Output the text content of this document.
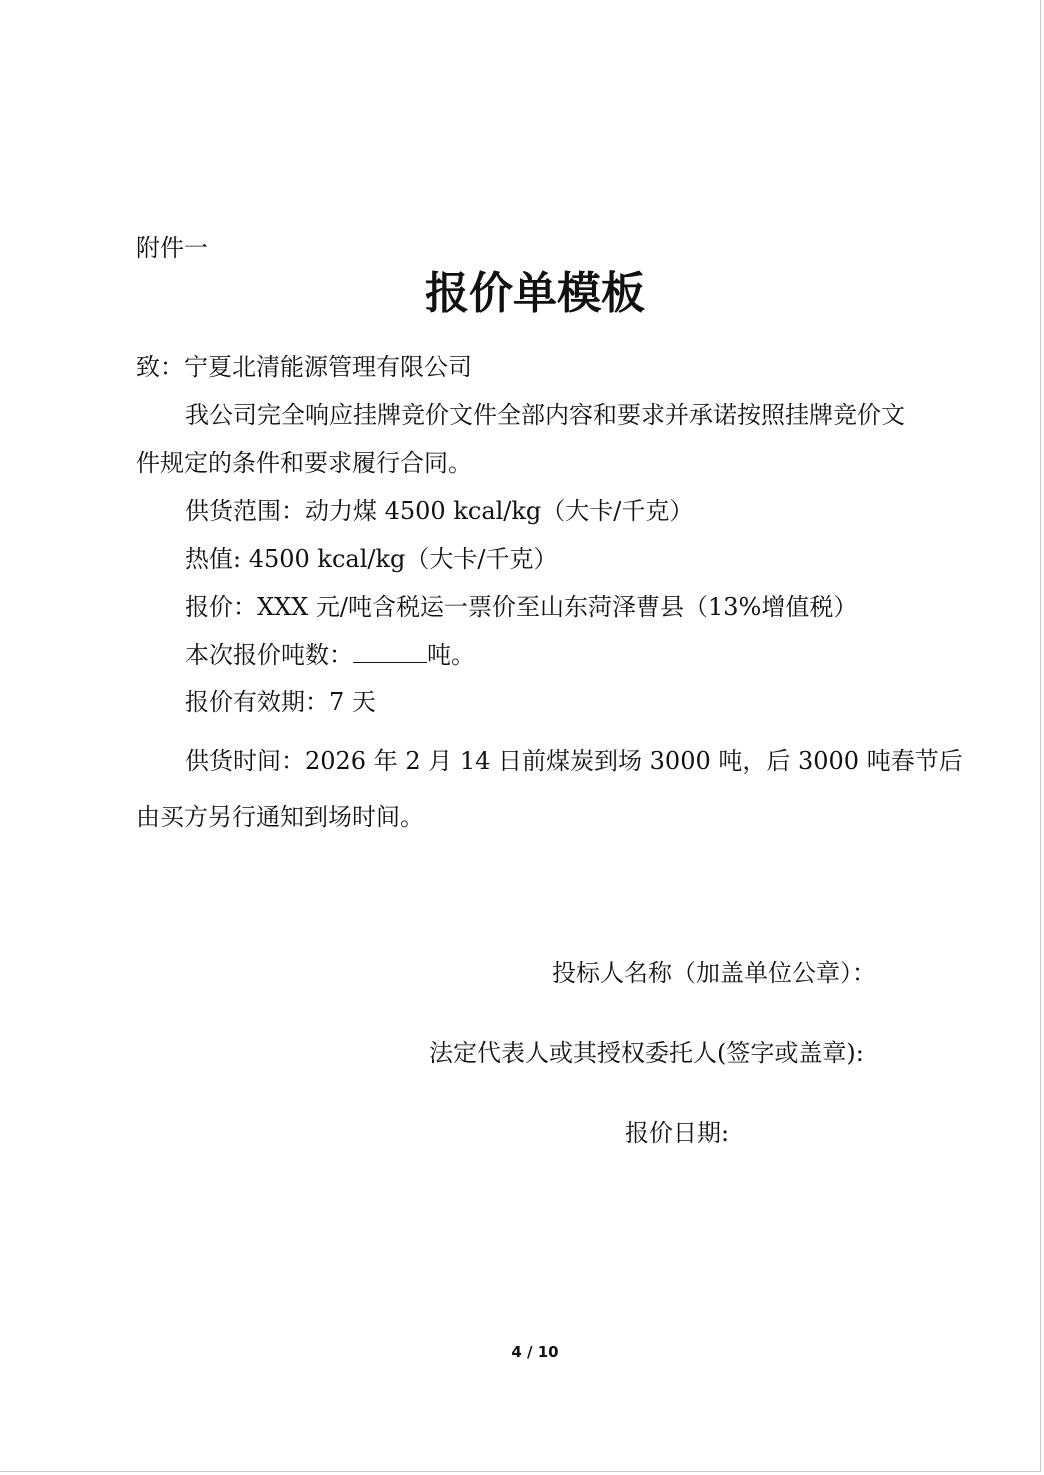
附件一
报价单模板
致：宁夏北清能源管理有限公司
我公司完全响应挂牌竞价文件全部内容和要求并承诺按照挂牌竞价文
件规定的条件和要求履行合同。
供货范围：动力煤 4500 kcal/kg（大卡/千克）
热值: 4500 kcal/kg（大卡/千克）
报价：XXX 元/吨含税运一票价至山东菏泽曹县（13%增值税）
本次报价吨数：	吨。
报价有效期：7 天
供货时间：2026 年 2 月 14 日前煤炭到场 3000 吨，后 3000 吨春节后
由买方另行通知到场时间。
投标人名称（加盖单位公章）：
法定代表人或其授权委托人(签字或盖章):
报价日期:
4 / 10
